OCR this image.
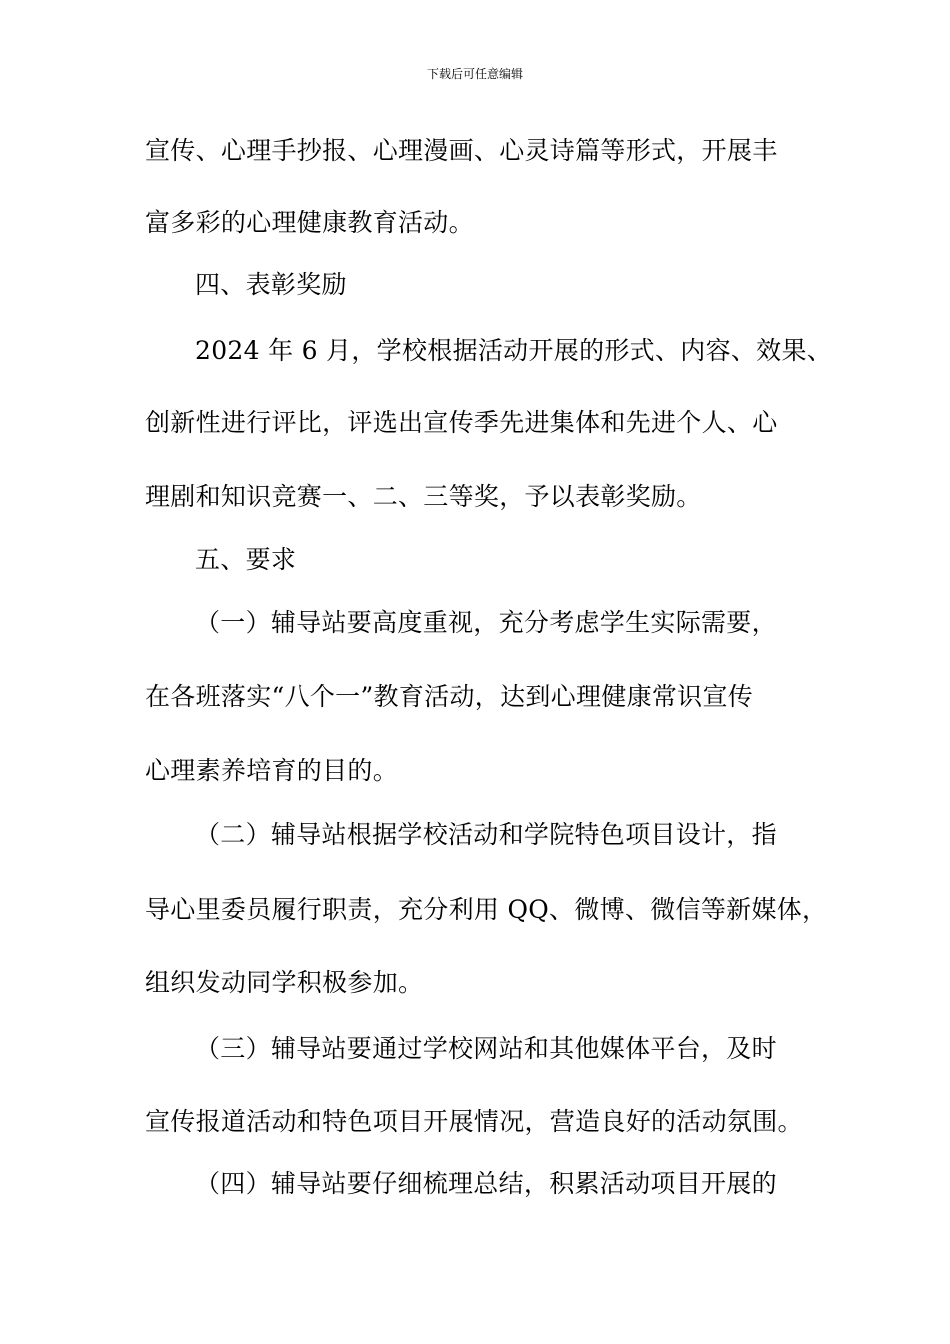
下载后可任意编辑
宣传、心理手抄报、心理漫画、心灵诗篇等形式，开展丰
富多彩的心理健康教育活动。
四、表彰奖励
2024 年 6 月，学校根据活动开展的形式、内容、效果、
创新性进行评比，评选出宣传季先进集体和先进个人、心
理剧和知识竞赛一、二、三等奖，予以表彰奖励。
五、要求
（一）辅导站要高度重视，充分考虑学生实际需要，
在各班落实“八个一”教育活动，达到心理健康常识宣传
心理素养培育的目的。
（二）辅导站根据学校活动和学院特色项目设计，指
导心里委员履行职责，充分利用 QQ、微博、微信等新媒体，
组织发动同学积极参加。
（三）辅导站要通过学校网站和其他媒体平台，及时
宣传报道活动和特色项目开展情况，营造良好的活动氛围。
（四）辅导站要仔细梳理总结，积累活动项目开展的
